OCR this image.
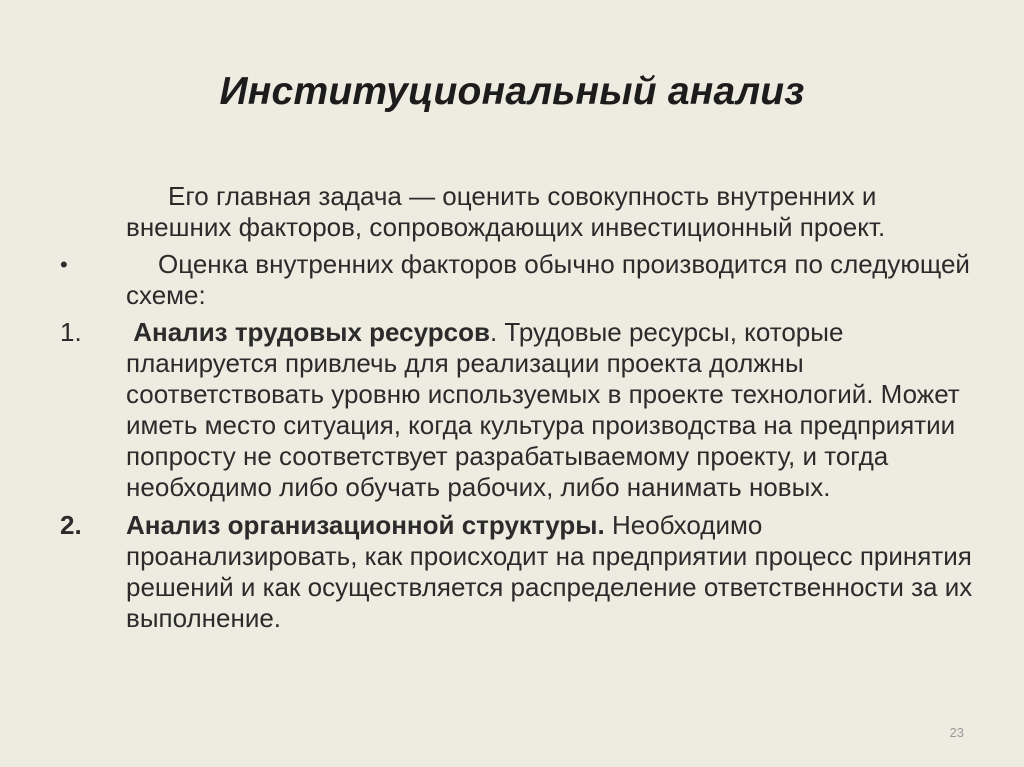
Институциональный анализ
Его главная задача — оценить совокупность внутренних и внешних факторов, сопровождающих инвестиционный проект.
•	Оценка внутренних факторов обычно производится по следующей схеме:
1. Анализ трудовых ресурсов. Трудовые ресурсы, которые планируется привлечь для реализации проекта должны соответствовать уровню используемых в проекте технологий. Может иметь место ситуация, когда культура производства на предприятии попросту не соответствует разрабатываемому проекту, и тогда необходимо либо обучать рабочих, либо нанимать новых.
2. Анализ организационной структуры. Необходимо проанализировать, как происходит на предприятии процесс принятия решений и как осуществляется распределение ответственности за их выполнение.
23
